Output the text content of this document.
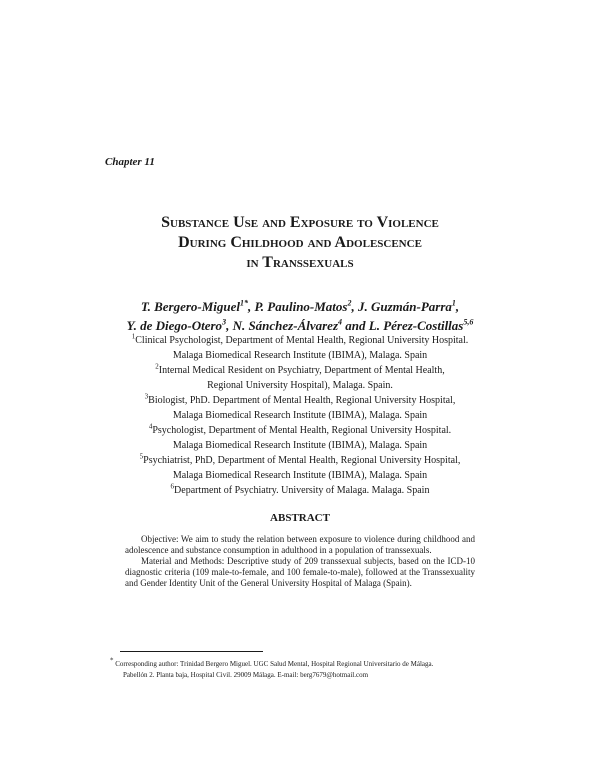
Chapter 11
Substance Use and Exposure to Violence
During Childhood and Adolescence
in Transsexuals
T. Bergero-Miguel$^{1*}$, P. Paulino-Matos$^2$, J. Guzmán-Parra$^1$,
Y. de Diego-Otero$^3$, N. Sánchez-Álvarez$^4$ and L. Pérez-Costillas$^{5,6}$
$^1$Clinical Psychologist, Department of Mental Health, Regional University Hospital.
Malaga Biomedical Research Institute (IBIMA), Malaga. Spain
$^2$Internal Medical Resident on Psychiatry, Department of Mental Health,
Regional University Hospital), Malaga. Spain.
$^3$Biologist, PhD. Department of Mental Health, Regional University Hospital,
Malaga Biomedical Research Institute (IBIMA), Malaga. Spain
$^4$Psychologist, Department of Mental Health, Regional University Hospital.
Malaga Biomedical Research Institute (IBIMA), Malaga. Spain
$^5$Psychiatrist, PhD, Department of Mental Health, Regional University Hospital,
Malaga Biomedical Research Institute (IBIMA), Malaga. Spain
$^6$Department of Psychiatry. University of Malaga. Malaga. Spain
ABSTRACT

Objective: We aim to study the relation between exposure to violence during childhood and adolescence and substance consumption in adulthood in a population of transsexuals.

Material and Methods: Descriptive study of 209 transsexual subjects, based on the ICD-10 diagnostic criteria (109 male-to-female, and 100 female-to-male), followed at the Transsexuality and Gender Identity Unit of the General University Hospital of Malaga (Spain).

* Corresponding author: Trinidad Bergero Miguel. UGC Salud Mental, Hospital Regional Universitario de Málaga.
Pabellón 2. Planta baja, Hospital Civil. 29009 Málaga. E-mail: berg7679@hotmail.com
